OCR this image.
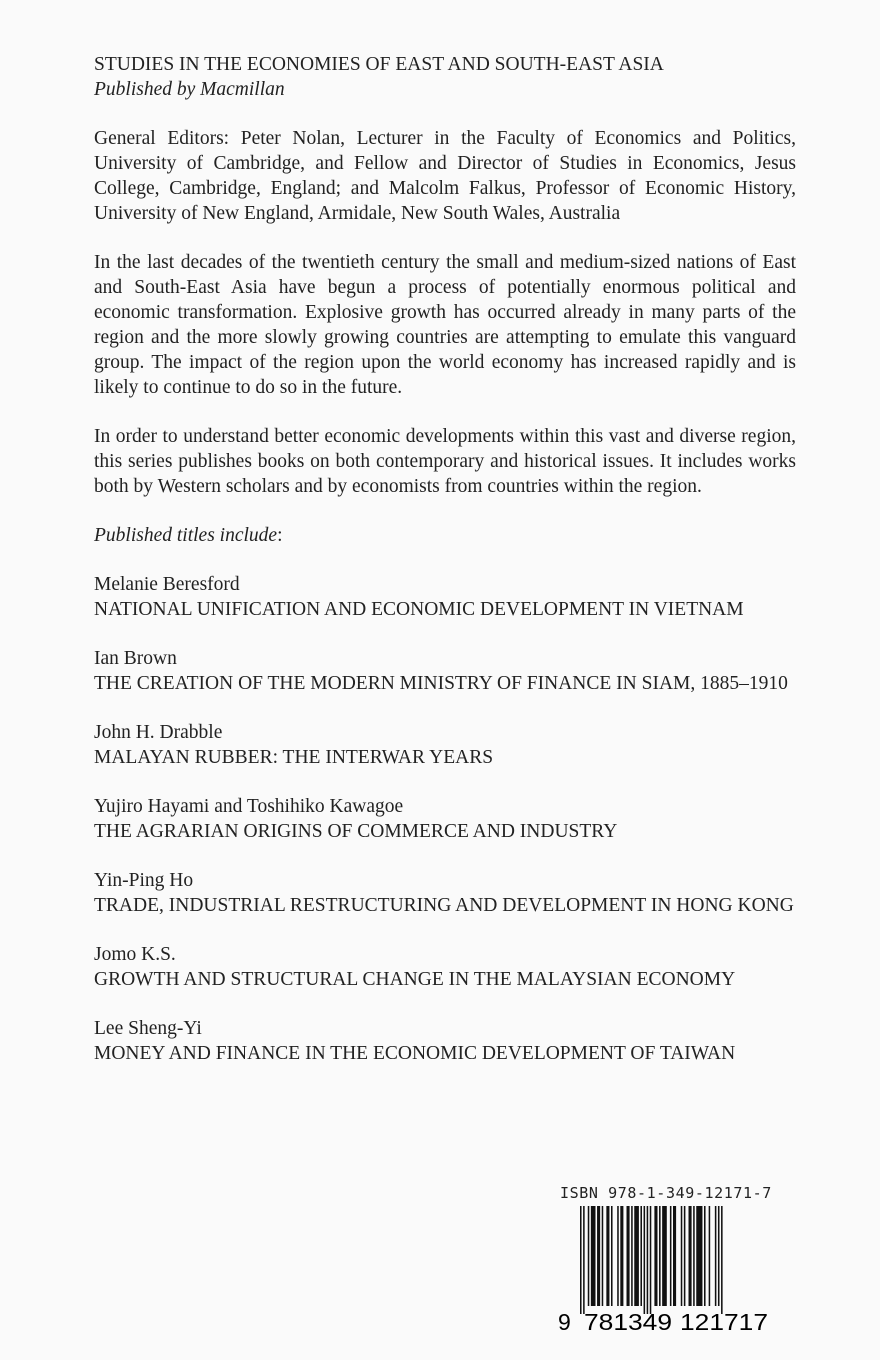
STUDIES IN THE ECONOMIES OF EAST AND SOUTH-EAST ASIA

Published by Macmillan

General Editors: Peter Nolan, Lecturer in the Faculty of Economics and Politics, University of Cambridge, and Fellow and Director of Studies in Economics, Jesus College, Cambridge, England; and Malcolm Falkus, Professor of Economic History, University of New England, Armidale, New South Wales, Australia

In the last decades of the twentieth century the small and medium-sized nations of East and South-East Asia have begun a process of potentially enormous political and economic transformation. Explosive growth has occurred already in many parts of the region and the more slowly growing countries are attempting to emulate this vanguard group. The impact of the region upon the world economy has increased rapidly and is likely to continue to do so in the future.

In order to understand better economic developments within this vast and diverse region, this series publishes books on both contemporary and historical issues. It includes works both by Western scholars and by economists from countries within the region.

Published titles include:

Melanie Beresford
NATIONAL UNIFICATION AND ECONOMIC DEVELOPMENT IN VIETNAM
Ian Brown
THE CREATION OF THE MODERN MINISTRY OF FINANCE IN SIAM, 1885–1910
John H. Drabble
MALAYAN RUBBER: THE INTERWAR YEARS
Yujiro Hayami and Toshihiko Kawagoe
THE AGRARIAN ORIGINS OF COMMERCE AND INDUSTRY
Yin-Ping Ho
TRADE, INDUSTRIAL RESTRUCTURING AND DEVELOPMENT IN HONG KONG
Jomo K.S.
GROWTH AND STRUCTURAL CHANGE IN THE MALAYSIAN ECONOMY
Lee Sheng-Yi
MONEY AND FINANCE IN THE ECONOMIC DEVELOPMENT OF TAIWAN
ISBN 978-1-349-12171-7
9 781349 121717
